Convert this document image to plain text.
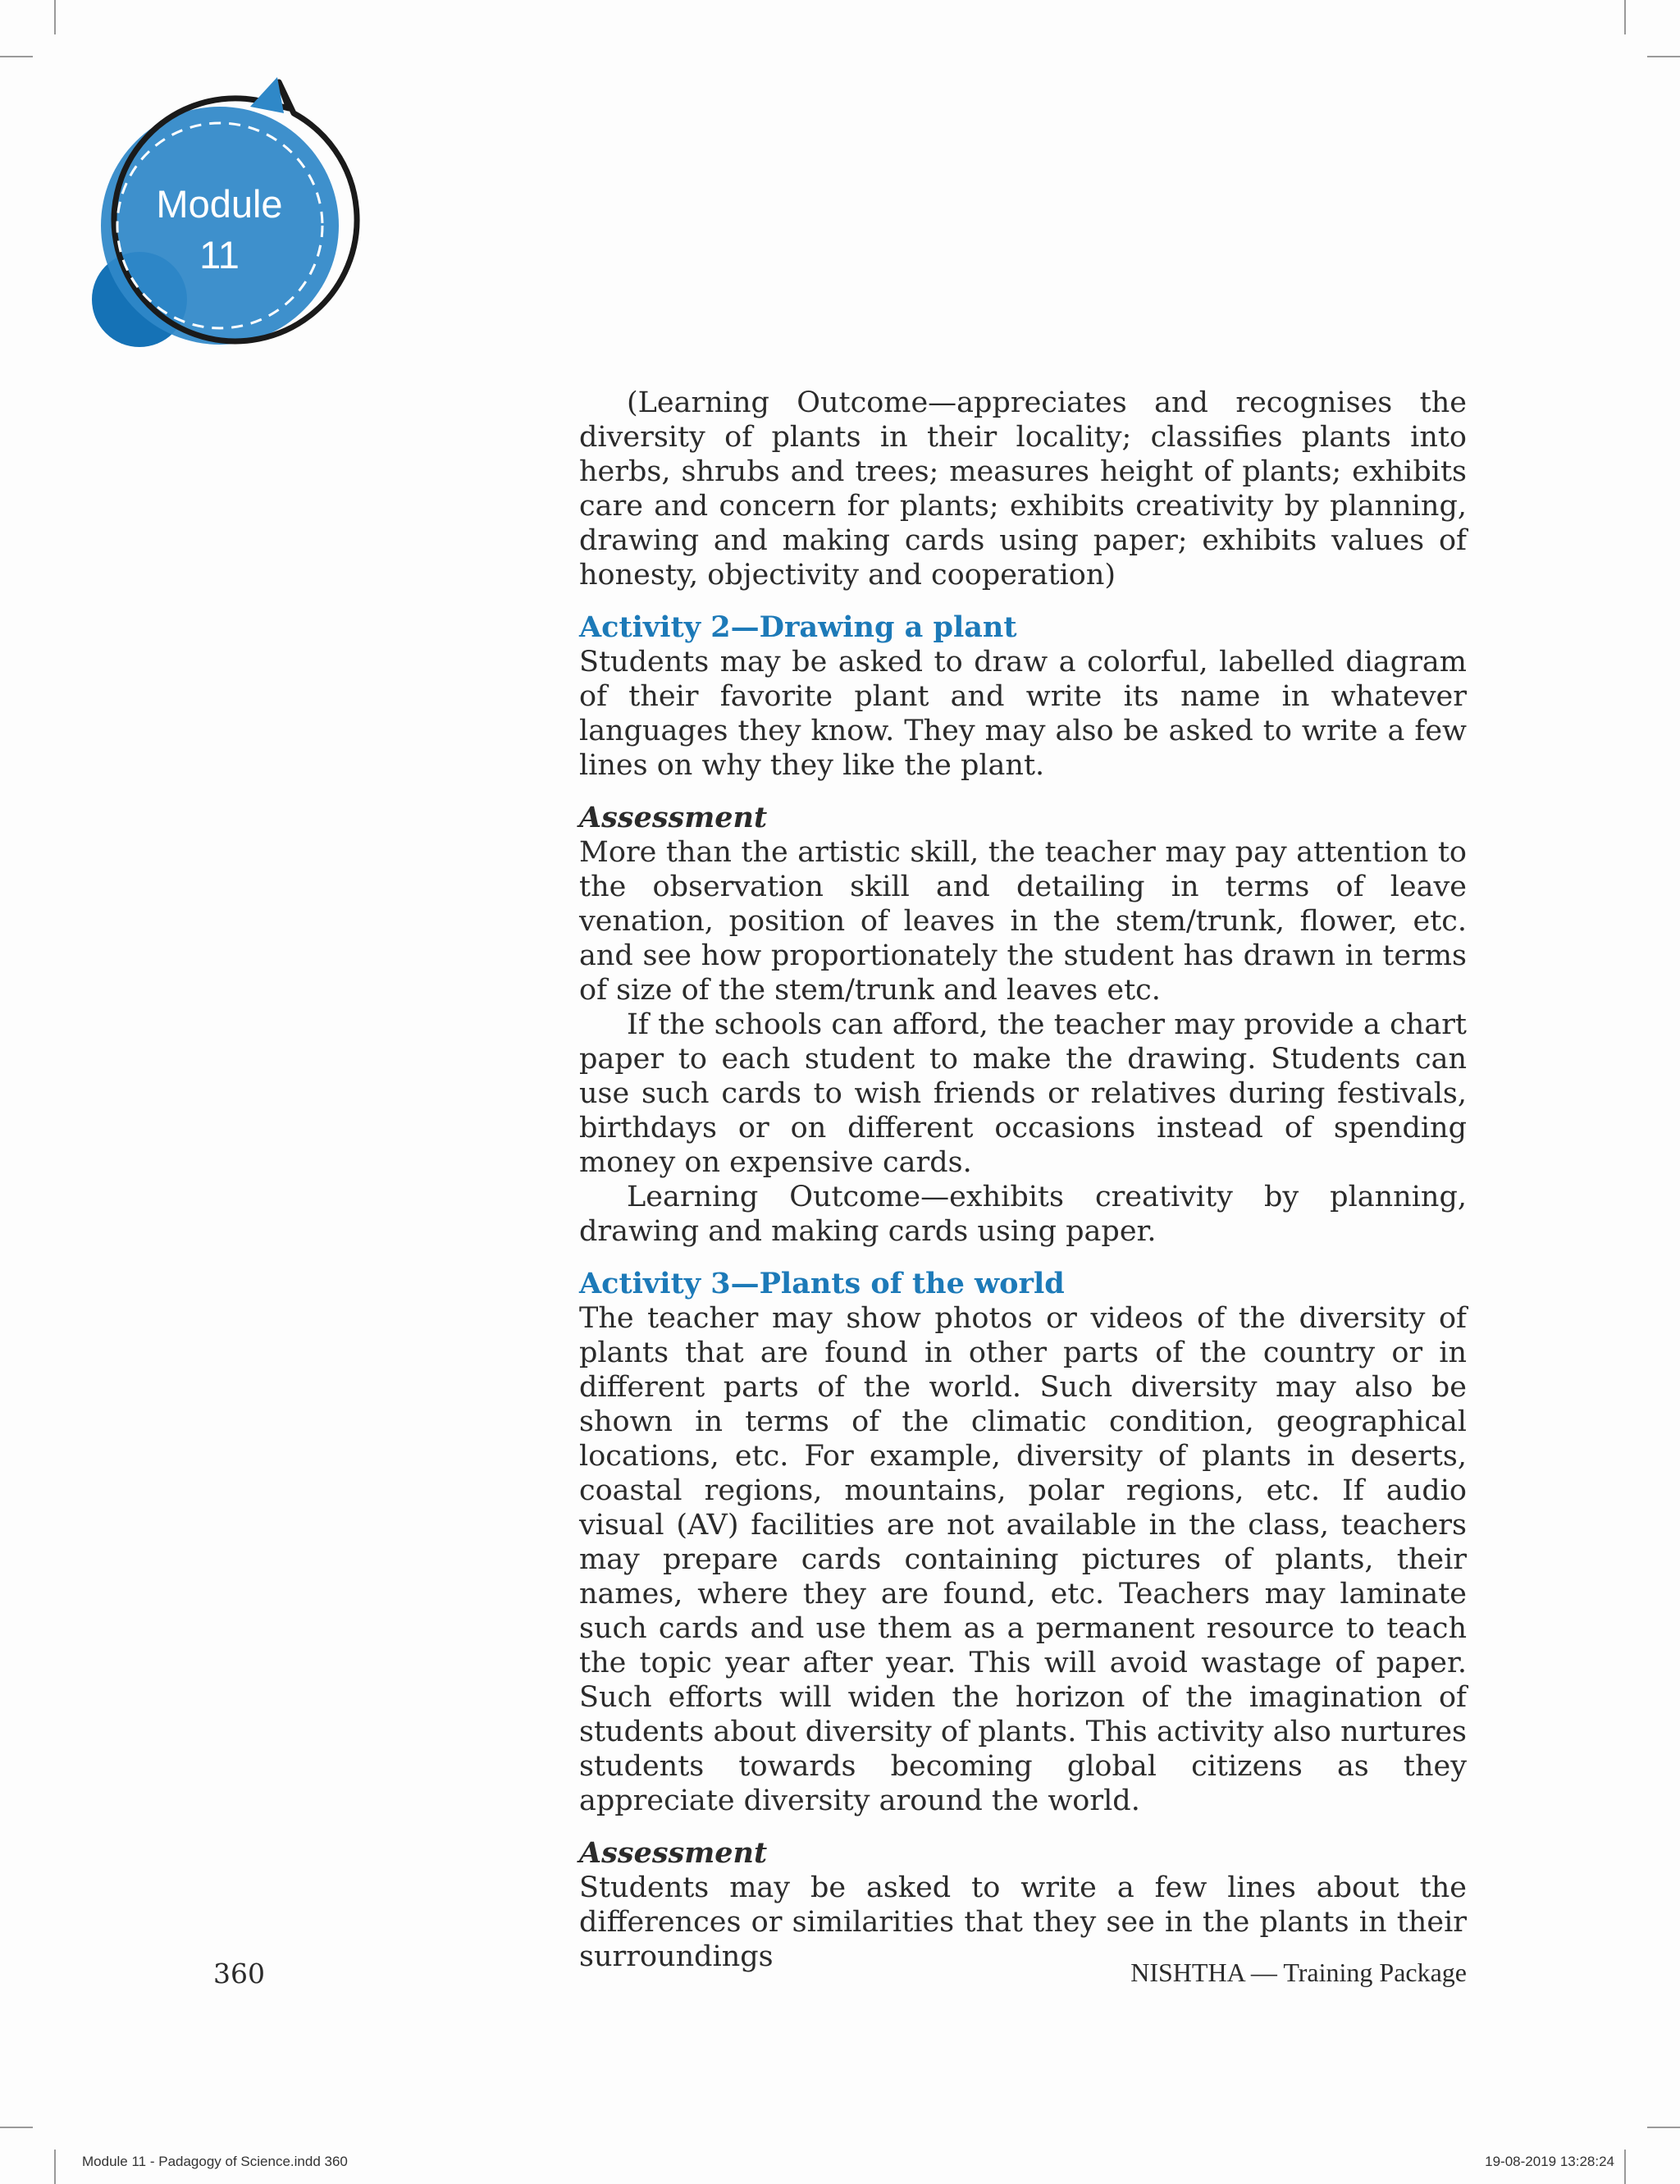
Module
11

(Learning Outcome—appreciates and recognises the diversity of plants in their locality; classifies plants into herbs, shrubs and trees; measures height of plants; exhibits care and concern for plants; exhibits creativity by planning, drawing and making cards using paper; exhibits values of honesty, objectivity and cooperation)

Activity 2—Drawing a plant

Students may be asked to draw a colorful, labelled diagram of their favorite plant and write its name in whatever languages they know. They may also be asked to write a few lines on why they like the plant.

Assessment

More than the artistic skill, the teacher may pay attention to the observation skill and detailing in terms of leave venation, position of leaves in the stem/trunk, flower, etc. and see how proportionately the student has drawn in terms of size of the stem/trunk and leaves etc.

If the schools can afford, the teacher may provide a chart paper to each student to make the drawing. Students can use such cards to wish friends or relatives during festivals, birthdays or on different occasions instead of spending money on expensive cards.

Learning Outcome—exhibits creativity by planning, drawing and making cards using paper.

Activity 3—Plants of the world

The teacher may show photos or videos of the diversity of plants that are found in other parts of the country or in different parts of the world. Such diversity may also be shown in terms of the climatic condition, geographical locations, etc. For example, diversity of plants in deserts, coastal regions, mountains, polar regions, etc. If audio visual (AV) facilities are not available in the class, teachers may prepare cards containing pictures of plants, their names, where they are found, etc. Teachers may laminate such cards and use them as a permanent resource to teach the topic year after year. This will avoid wastage of paper. Such efforts will widen the horizon of the imagination of students about diversity of plants. This activity also nurtures students towards becoming global citizens as they appreciate diversity around the world.

Assessment

Students may be asked to write a few lines about the differences or similarities that they see in the plants in their surroundings

360	NISHTHA — Training Package
Module 11 - Padagogy of Science.indd 360	19-08-2019 13:28:24
